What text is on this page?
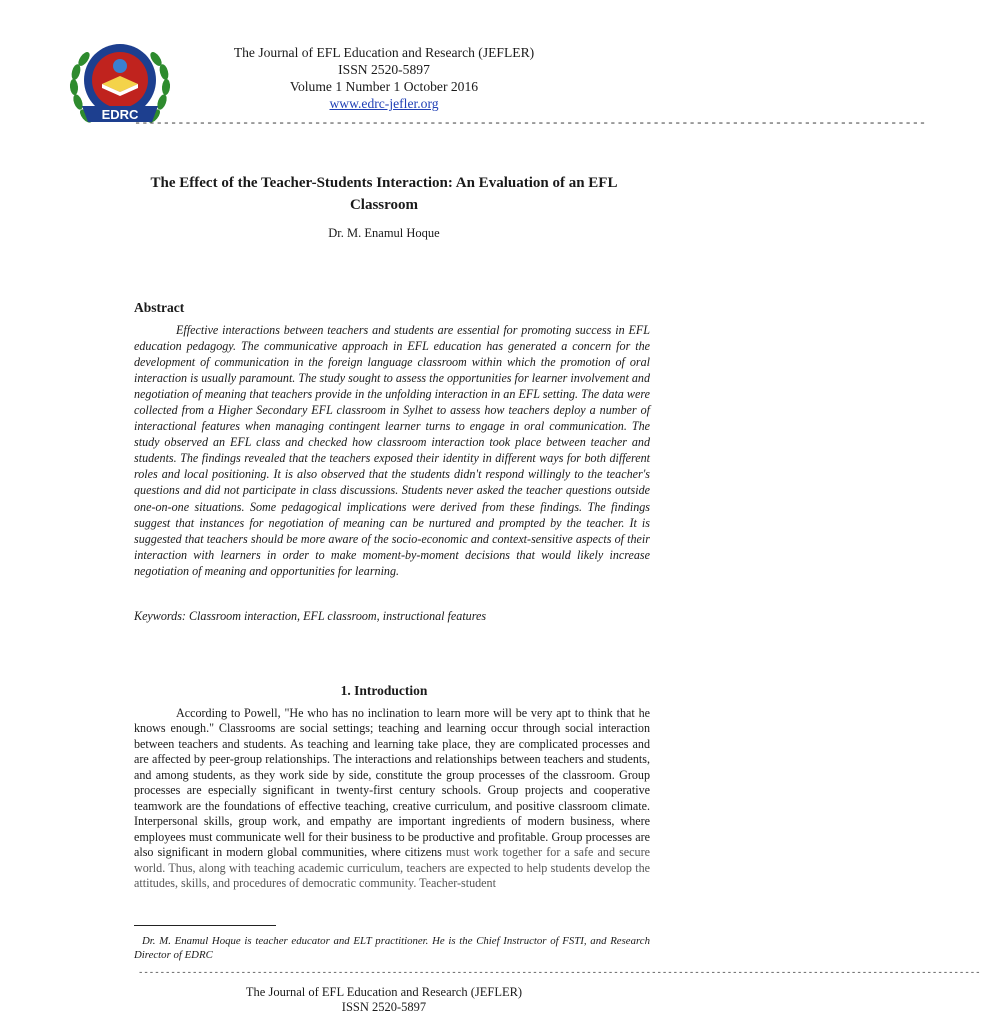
EDRC
The Journal of EFL Education and Research (JEFLER)
ISSN 2520-5897
Volume 1 Number 1 October 2016
www.edrc-jefler.org
--------------------------------------------------------------------------------------------------------------
The Effect of the Teacher-Students Interaction: An Evaluation of an EFL Classroom
Dr. M. Enamul Hoque
Abstract

Effective interactions between teachers and students are essential for promoting success in EFL education pedagogy. The communicative approach in EFL education has generated a concern for the development of communication in the foreign language classroom within which the promotion of oral interaction is usually paramount. The study sought to assess the opportunities for learner involvement and negotiation of meaning that teachers provide in the unfolding interaction in an EFL setting. The data were collected from a Higher Secondary EFL classroom in Sylhet to assess how teachers deploy a number of interactional features when managing contingent learner turns to engage in oral communication. The study observed an EFL class and checked how classroom interaction took place between teacher and students. The findings revealed that the teachers exposed their identity in different ways for both different roles and local positioning. It is also observed that the students didn't respond willingly to the teacher's questions and did not participate in class discussions. Students never asked the teacher questions outside one-on-one situations. Some pedagogical implications were derived from these findings. The findings suggest that instances for negotiation of meaning can be nurtured and prompted by the teacher. It is suggested that teachers should be more aware of the socio-economic and context-sensitive aspects of their interaction with learners in order to make moment-by-moment decisions that would likely increase negotiation of meaning and opportunities for learning.

Keywords: Classroom interaction, EFL classroom, instructional features
1. Introduction

According to Powell, "He who has no inclination to learn more will be very apt to think that he knows enough." Classrooms are social settings; teaching and learning occur through social interaction between teachers and students. As teaching and learning take place, they are complicated processes and are affected by peer-group relationships. The interactions and relationships between teachers and students, and among students, as they work side by side, constitute the group processes of the classroom. Group processes are especially significant in twenty-first century schools. Group projects and cooperative teamwork are the foundations of effective teaching, creative curriculum, and positive classroom climate. Interpersonal skills, group work, and empathy are important ingredients of modern business, where employees must communicate well for their business to be productive and profitable. Group processes are also significant in modern global communities, where citizens must work together for a safe and secure world. Thus, along with teaching academic curriculum, teachers are expected to help students develop the attitudes, skills, and procedures of democratic community. Teacher-student

Dr. M. Enamul Hoque is teacher educator and ELT practitioner. He is the Chief Instructor of FSTI, and Research Director of EDRC

------------------------------------------------------------------------------------------------------------------------------------------------------------
The Journal of EFL Education and Research (JEFLER)
ISSN 2520-5897
